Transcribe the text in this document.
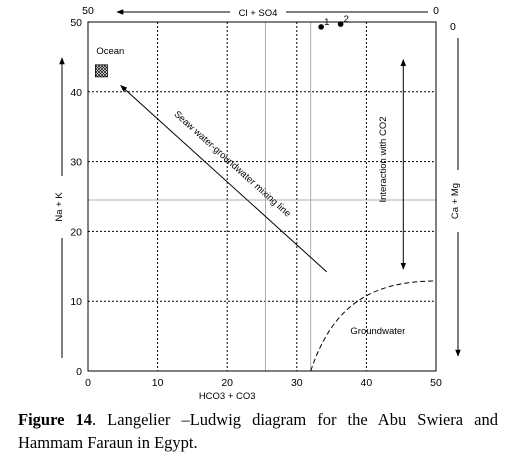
0	10	20	30	40	50
0
10
20
30
40
50
50	0
0
Cl + SO4
HCO3 + CO3
Na + K	Ca + Mg
Ocean
Seaw water-groundwater mixing line	Interaction with CO2
Groundwater
1 2

Figure 14. Langelier –Ludwig diagram for the Abu Swiera and Hammam Faraun in Egypt.
